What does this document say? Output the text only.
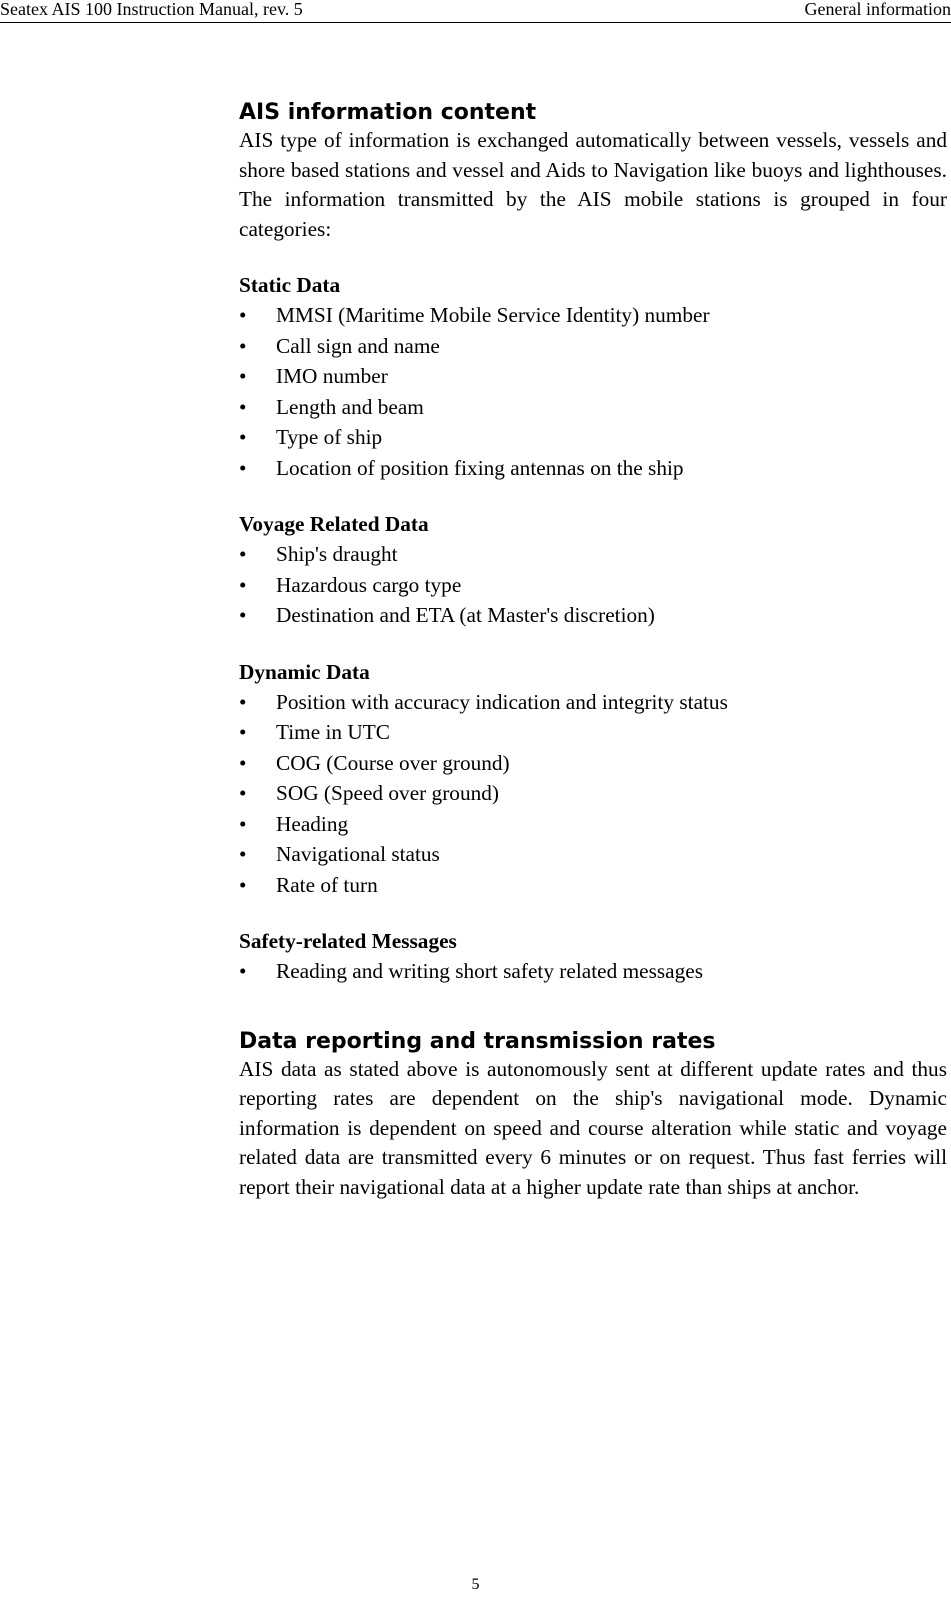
Seatex AIS 100 Instruction Manual, rev. 5	General information
AIS information content

AIS type of information is exchanged automatically between vessels, vessels and shore based stations and vessel and Aids to Navigation like buoys and lighthouses. The information transmitted by the AIS mobile stations is grouped in four categories:

Static Data
• MMSI (Maritime Mobile Service Identity) number
• Call sign and name
• IMO number
• Length and beam
• Type of ship
• Location of position fixing antennas on the ship
Voyage Related Data
• Ship's draught
• Hazardous cargo type
• Destination and ETA (at Master's discretion)
Dynamic Data
• Position with accuracy indication and integrity status
• Time in UTC
• COG (Course over ground)
• SOG (Speed over ground)
• Heading
• Navigational status
• Rate of turn
Safety-related Messages
• Reading and writing short safety related messages
Data reporting and transmission rates

AIS data as stated above is autonomously sent at different update rates and thus reporting rates are dependent on the ship's navigational mode. Dynamic information is dependent on speed and course alteration while static and voyage related data are transmitted every 6 minutes or on request. Thus fast ferries will report their navigational data at a higher update rate than ships at anchor.

5
